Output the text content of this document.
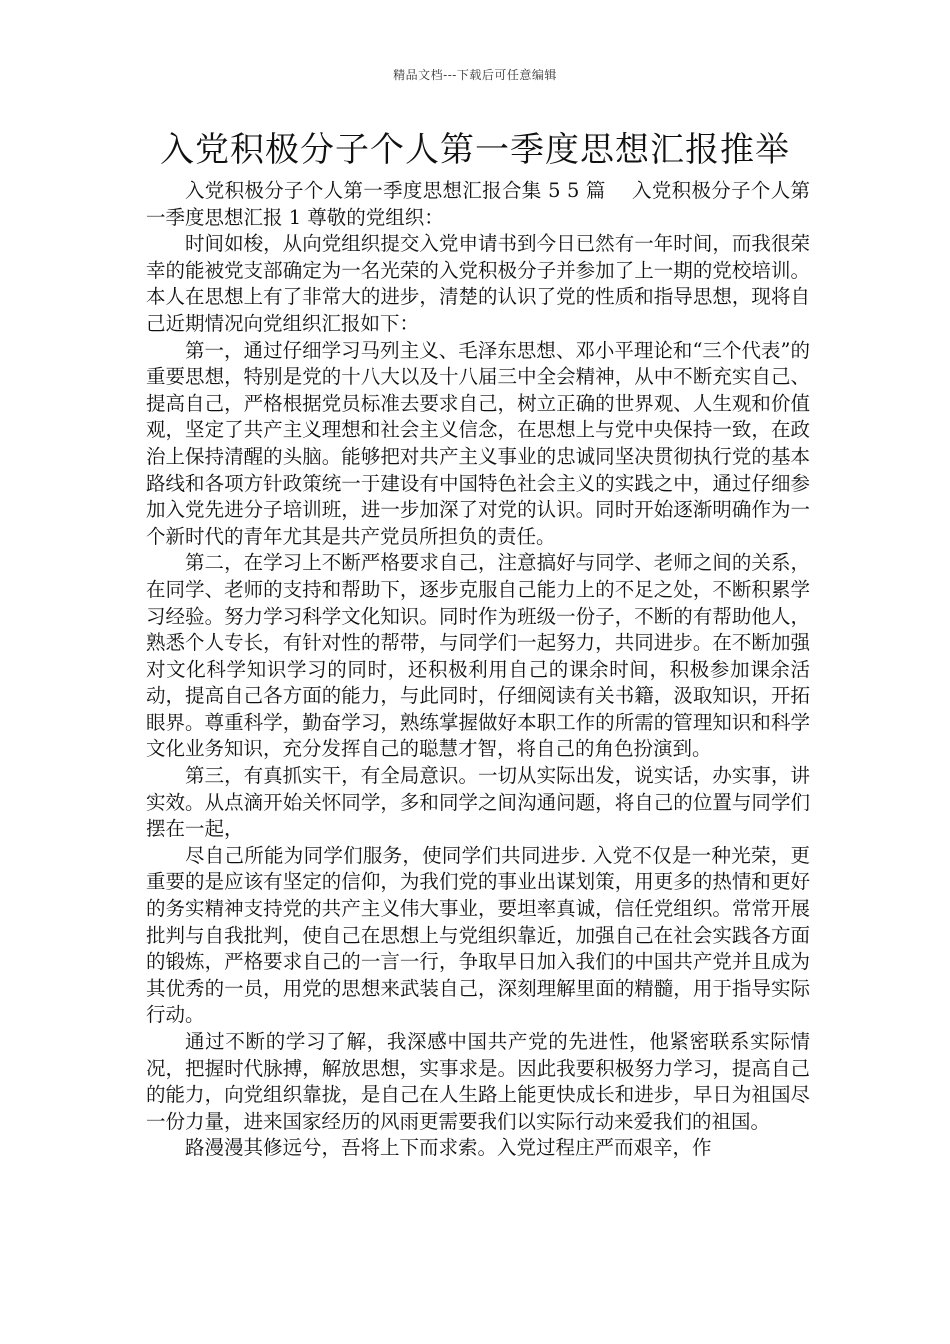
精品文档---下载后可任意编辑
入党积极分子个人第一季度思想汇报推举

入党积极分子个人第一季度思想汇报合集 5 5 篇　 入党积极分子个人第一季度思想汇报 1 尊敬的党组织：

时间如梭，从向党组织提交入党申请书到今日已然有一年时间，而我很荣幸的能被党支部确定为一名光荣的入党积极分子并参加了上一期的党校培训。本人在思想上有了非常大的进步，清楚的认识了党的性质和指导思想，现将自己近期情况向党组织汇报如下：

第一，通过仔细学习马列主义、毛泽东思想、邓小平理论和“三个代表”的重要思想，特别是党的十八大以及十八届三中全会精神，从中不断充实自己、提高自己，严格根据党员标准去要求自己，树立正确的世界观、人生观和价值观，坚定了共产主义理想和社会主义信念，在思想上与党中央保持一致，在政治上保持清醒的头脑。能够把对共产主义事业的忠诚同坚决贯彻执行党的基本路线和各项方针政策统一于建设有中国特色社会主义的实践之中，通过仔细参加入党先进分子培训班，进一步加深了对党的认识。同时开始逐渐明确作为一个新时代的青年尤其是共产党员所担负的责任。

第二，在学习上不断严格要求自己，注意搞好与同学、老师之间的关系，在同学、老师的支持和帮助下，逐步克服自己能力上的不足之处，不断积累学习经验。努力学习科学文化知识。同时作为班级一份子，不断的有帮助他人，熟悉个人专长，有针对性的帮带，与同学们一起努力，共同进步。在不断加强对文化科学知识学习的同时，还积极利用自己的课余时间，积极参加课余活动，提高自己各方面的能力，与此同时，仔细阅读有关书籍，汲取知识，开拓眼界。尊重科学，勤奋学习，熟练掌握做好本职工作的所需的管理知识和科学文化业务知识，充分发挥自己的聪慧才智，将自己的角色扮演到。

第三，有真抓实干，有全局意识。一切从实际出发，说实话，办实事，讲实效。从点滴开始关怀同学，多和同学之间沟通问题，将自己的位置与同学们摆在一起，

尽自己所能为同学们服务，使同学们共同进步. 入党不仅是一种光荣，更重要的是应该有坚定的信仰，为我们党的事业出谋划策，用更多的热情和更好的务实精神支持党的共产主义伟大事业，要坦率真诚，信任党组织。常常开展批判与自我批判，使自己在思想上与党组织靠近，加强自己在社会实践各方面的锻炼，严格要求自己的一言一行，争取早日加入我们的中国共产党并且成为其优秀的一员，用党的思想来武装自己，深刻理解里面的精髓，用于指导实际行动。

通过不断的学习了解，我深感中国共产党的先进性，他紧密联系实际情况，把握时代脉搏，解放思想，实事求是。因此我要积极努力学习，提高自己的能力，向党组织靠拢，是自己在人生路上能更快成长和进步，早日为祖国尽一份力量，进来国家经历的风雨更需要我们以实际行动来爱我们的祖国。

路漫漫其修远兮，吾将上下而求索。入党过程庄严而艰辛，作
